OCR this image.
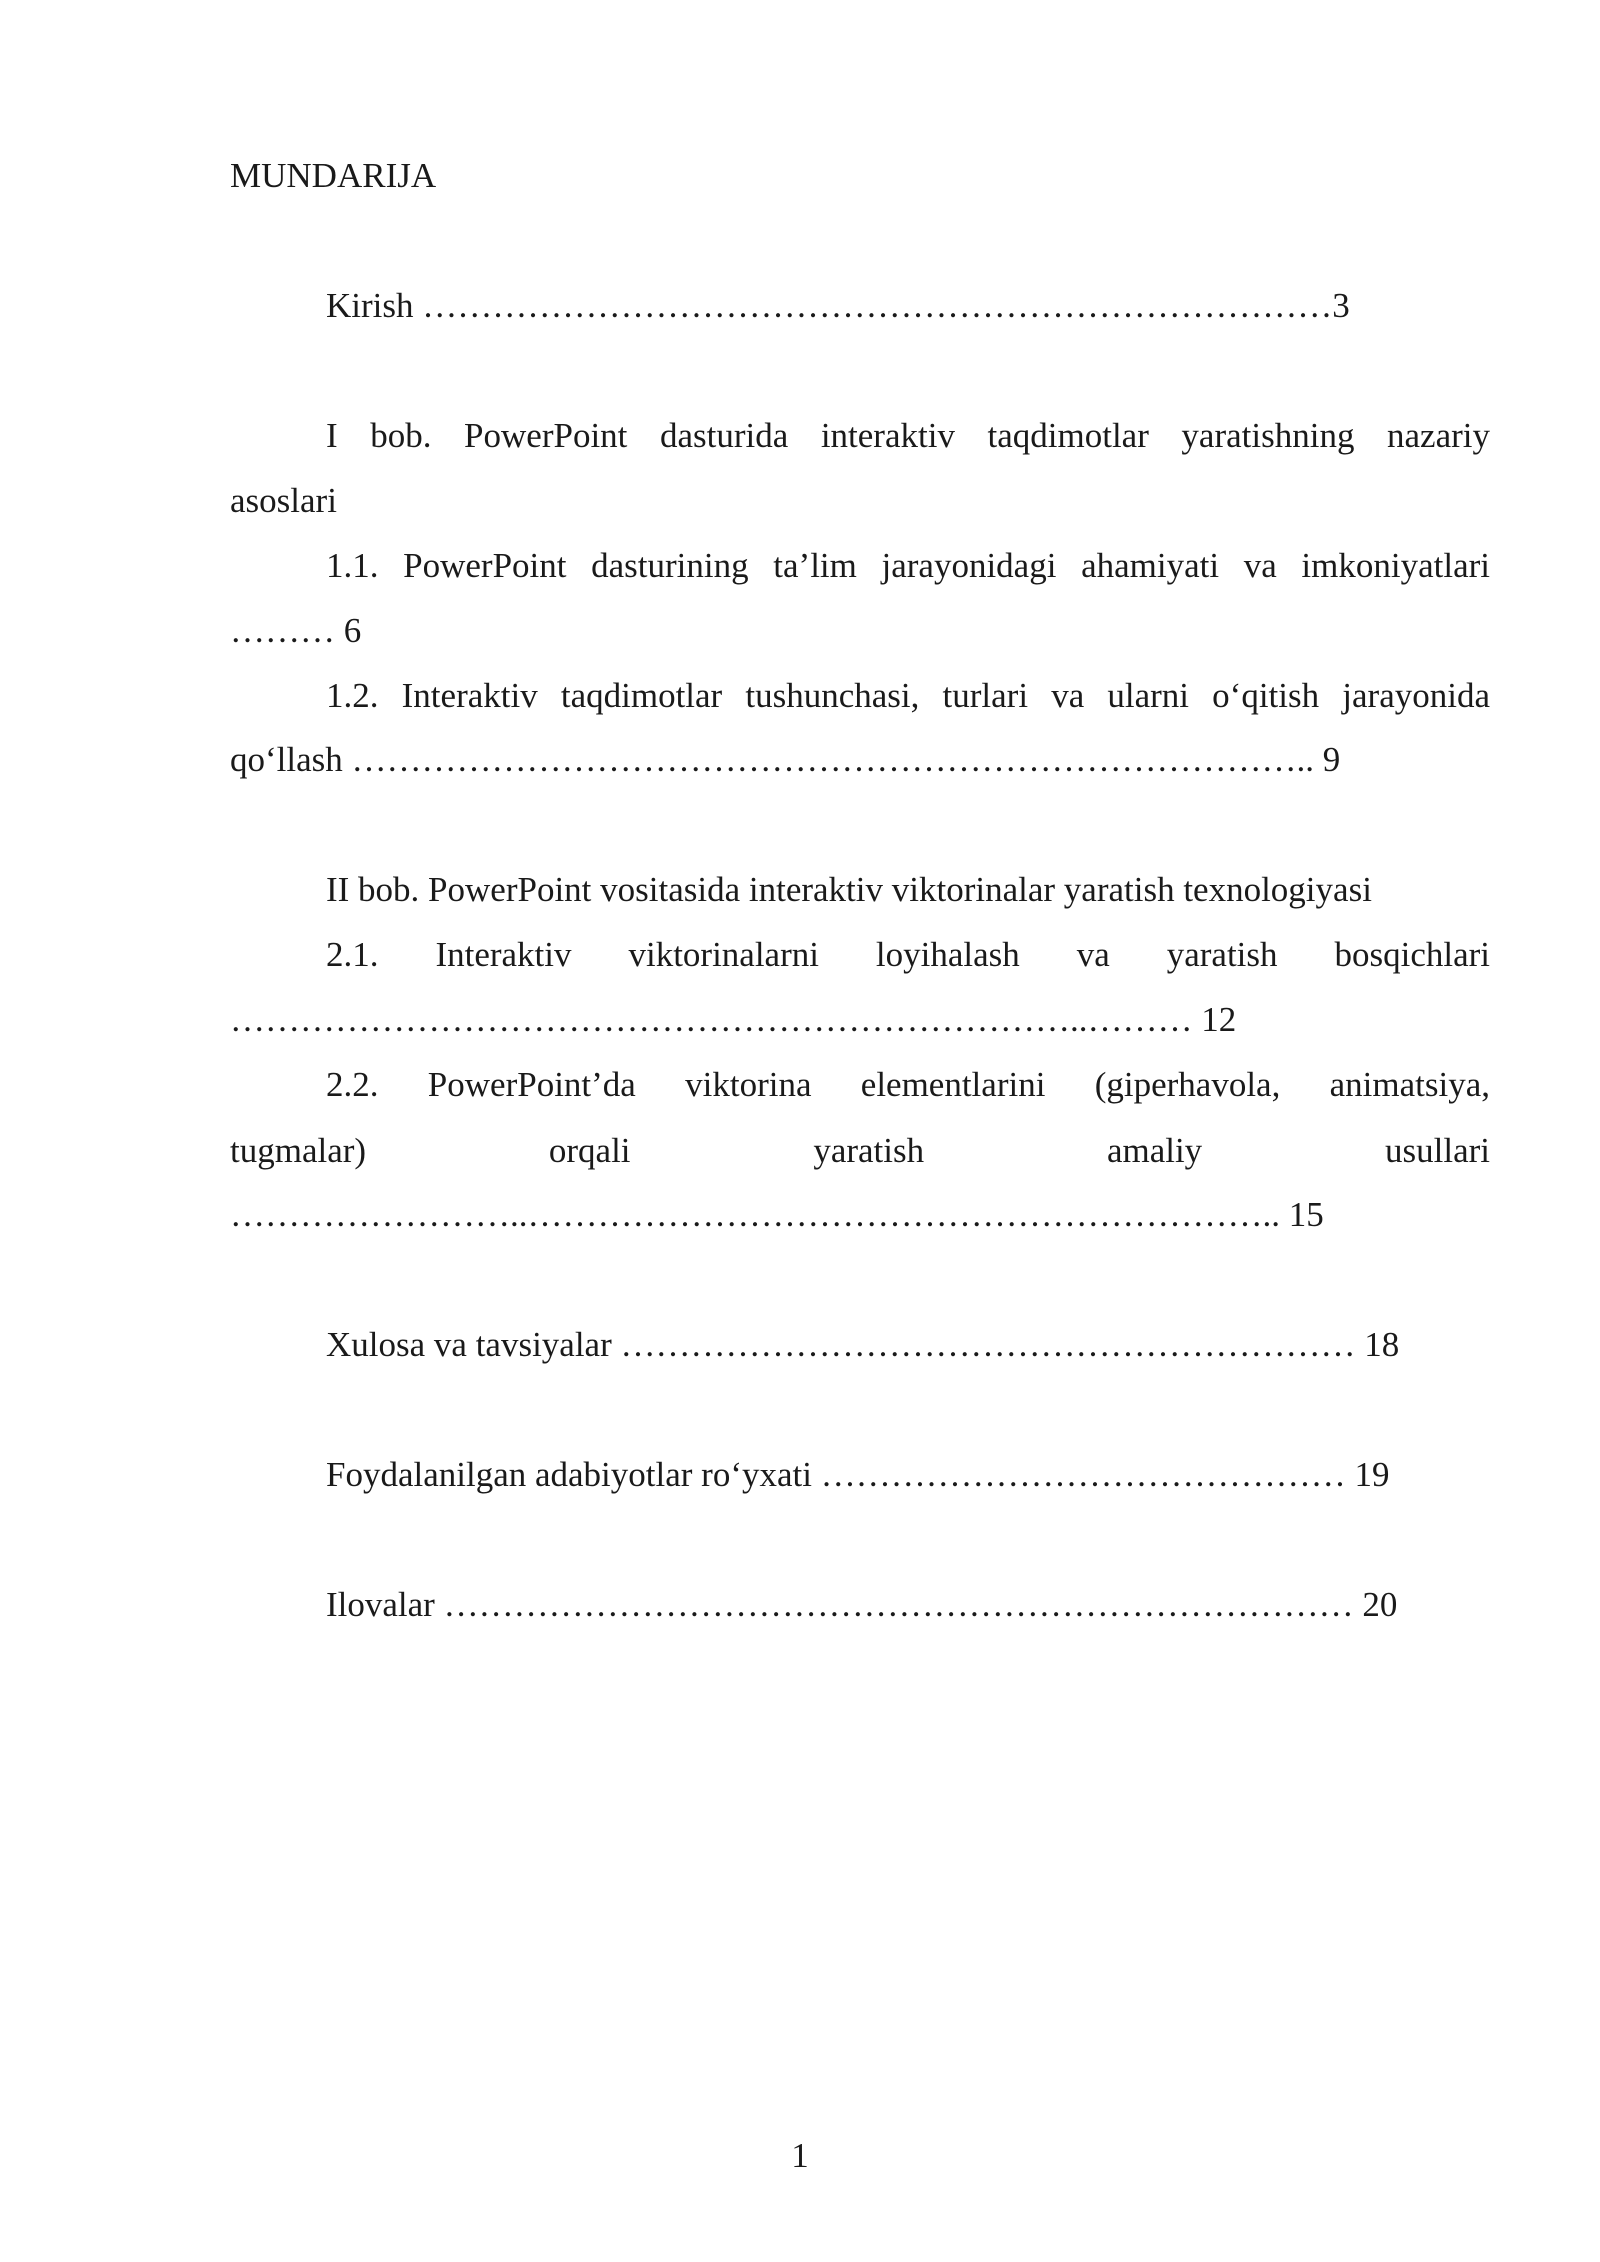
MUNDARIJA
Kirish ……………………………………………………………………3
I bob. PowerPoint dasturida interaktiv taqdimotlar yaratishning nazariy
asoslari
1.1. PowerPoint dasturining ta’lim jarayonidagi ahamiyati va imkoniyatlari
……… 6
1.2. Interaktiv taqdimotlar tushunchasi, turlari va ularni o‘qitish jarayonida
qo‘llash ……………………………………………………………………….. 9
II bob. PowerPoint vositasida interaktiv viktorinalar yaratish texnologiyasi
2.1. Interaktiv viktorinalarni loyihalash va yaratish bosqichlari
………………………………………………………………..……… 12
2.2. PowerPoint’da viktorina elementlarini (giperhavola, animatsiya,
tugmalar) orqali yaratish amaliy usullari
……………………..……………………………………………………….. 15
Xulosa va tavsiyalar ……………………………………………………… 18
Foydalanilgan adabiyotlar ro‘yxati ……………………………………… 19
Ilovalar …………………………………………………………………… 20
1
